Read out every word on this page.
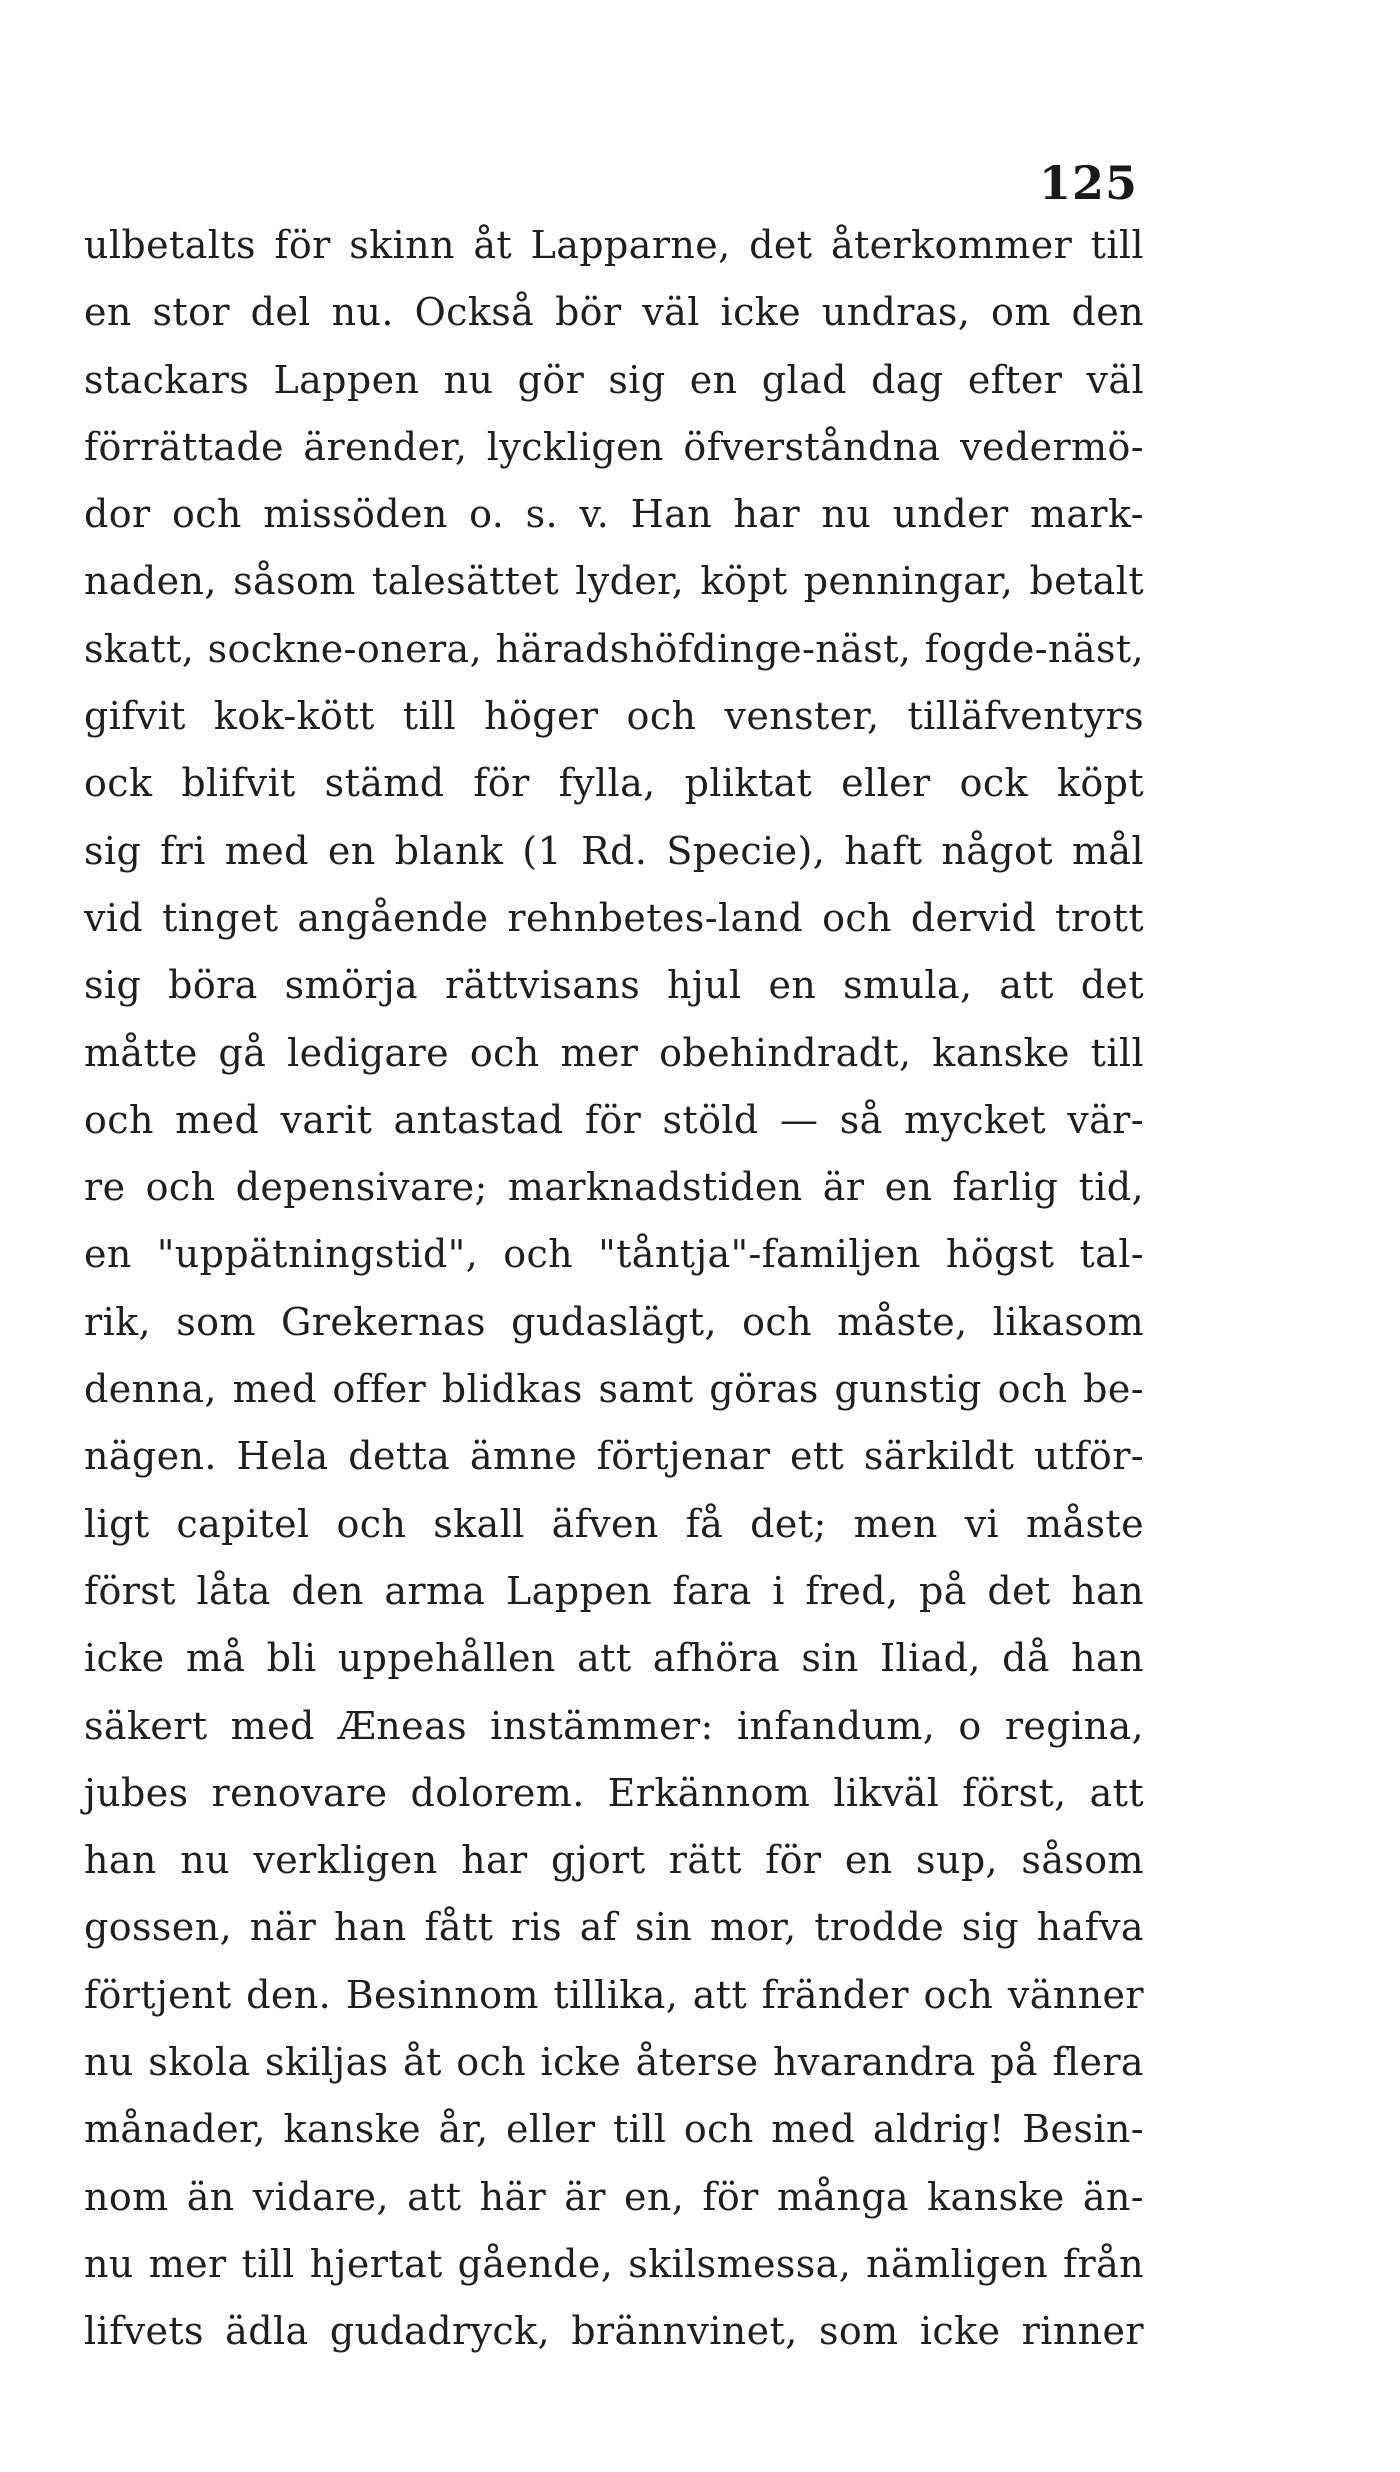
125
ulbetalts för skinn åt Lapparne, det återkommer till
en stor del nu. Också bör väl icke undras, om den
stackars Lappen nu gör sig en glad dag efter väl
förrättade ärender, lyckligen öfverståndna vedermö-
dor och missöden o. s. v. Han har nu under mark-
naden, såsom talesättet lyder, köpt penningar, betalt
skatt, sockne-onera, häradshöfdinge-näst, fogde-näst,
gifvit kok-kött till höger och venster, tilläfventyrs
ock blifvit stämd för fylla, pliktat eller ock köpt
sig fri med en blank (1 Rd. Specie), haft något mål
vid tinget angående rehnbetes-land och dervid trott
sig böra smörja rättvisans hjul en smula, att det
måtte gå ledigare och mer obehindradt, kanske till
och med varit antastad för stöld — så mycket vär-
re och depensivare; marknadstiden är en farlig tid,
en "uppätningstid", och "tåntja"-familjen högst tal-
rik, som Grekernas gudaslägt, och måste, likasom
denna, med offer blidkas samt göras gunstig och be-
nägen. Hela detta ämne förtjenar ett särkildt utför-
ligt capitel och skall äfven få det; men vi måste
först låta den arma Lappen fara i fred, på det han
icke må bli uppehållen att afhöra sin Iliad, då han
säkert med Æneas instämmer: infandum, o regina,
jubes renovare dolorem. Erkännom likväl först, att
han nu verkligen har gjort rätt för en sup, såsom
gossen, när han fått ris af sin mor, trodde sig hafva
förtjent den. Besinnom tillika, att fränder och vänner
nu skola skiljas åt och icke återse hvarandra på flera
månader, kanske år, eller till och med aldrig! Besin-
nom än vidare, att här är en, för många kanske än-
nu mer till hjertat gående, skilsmessa, nämligen från
lifvets ädla gudadryck, brännvinet, som icke rinner
